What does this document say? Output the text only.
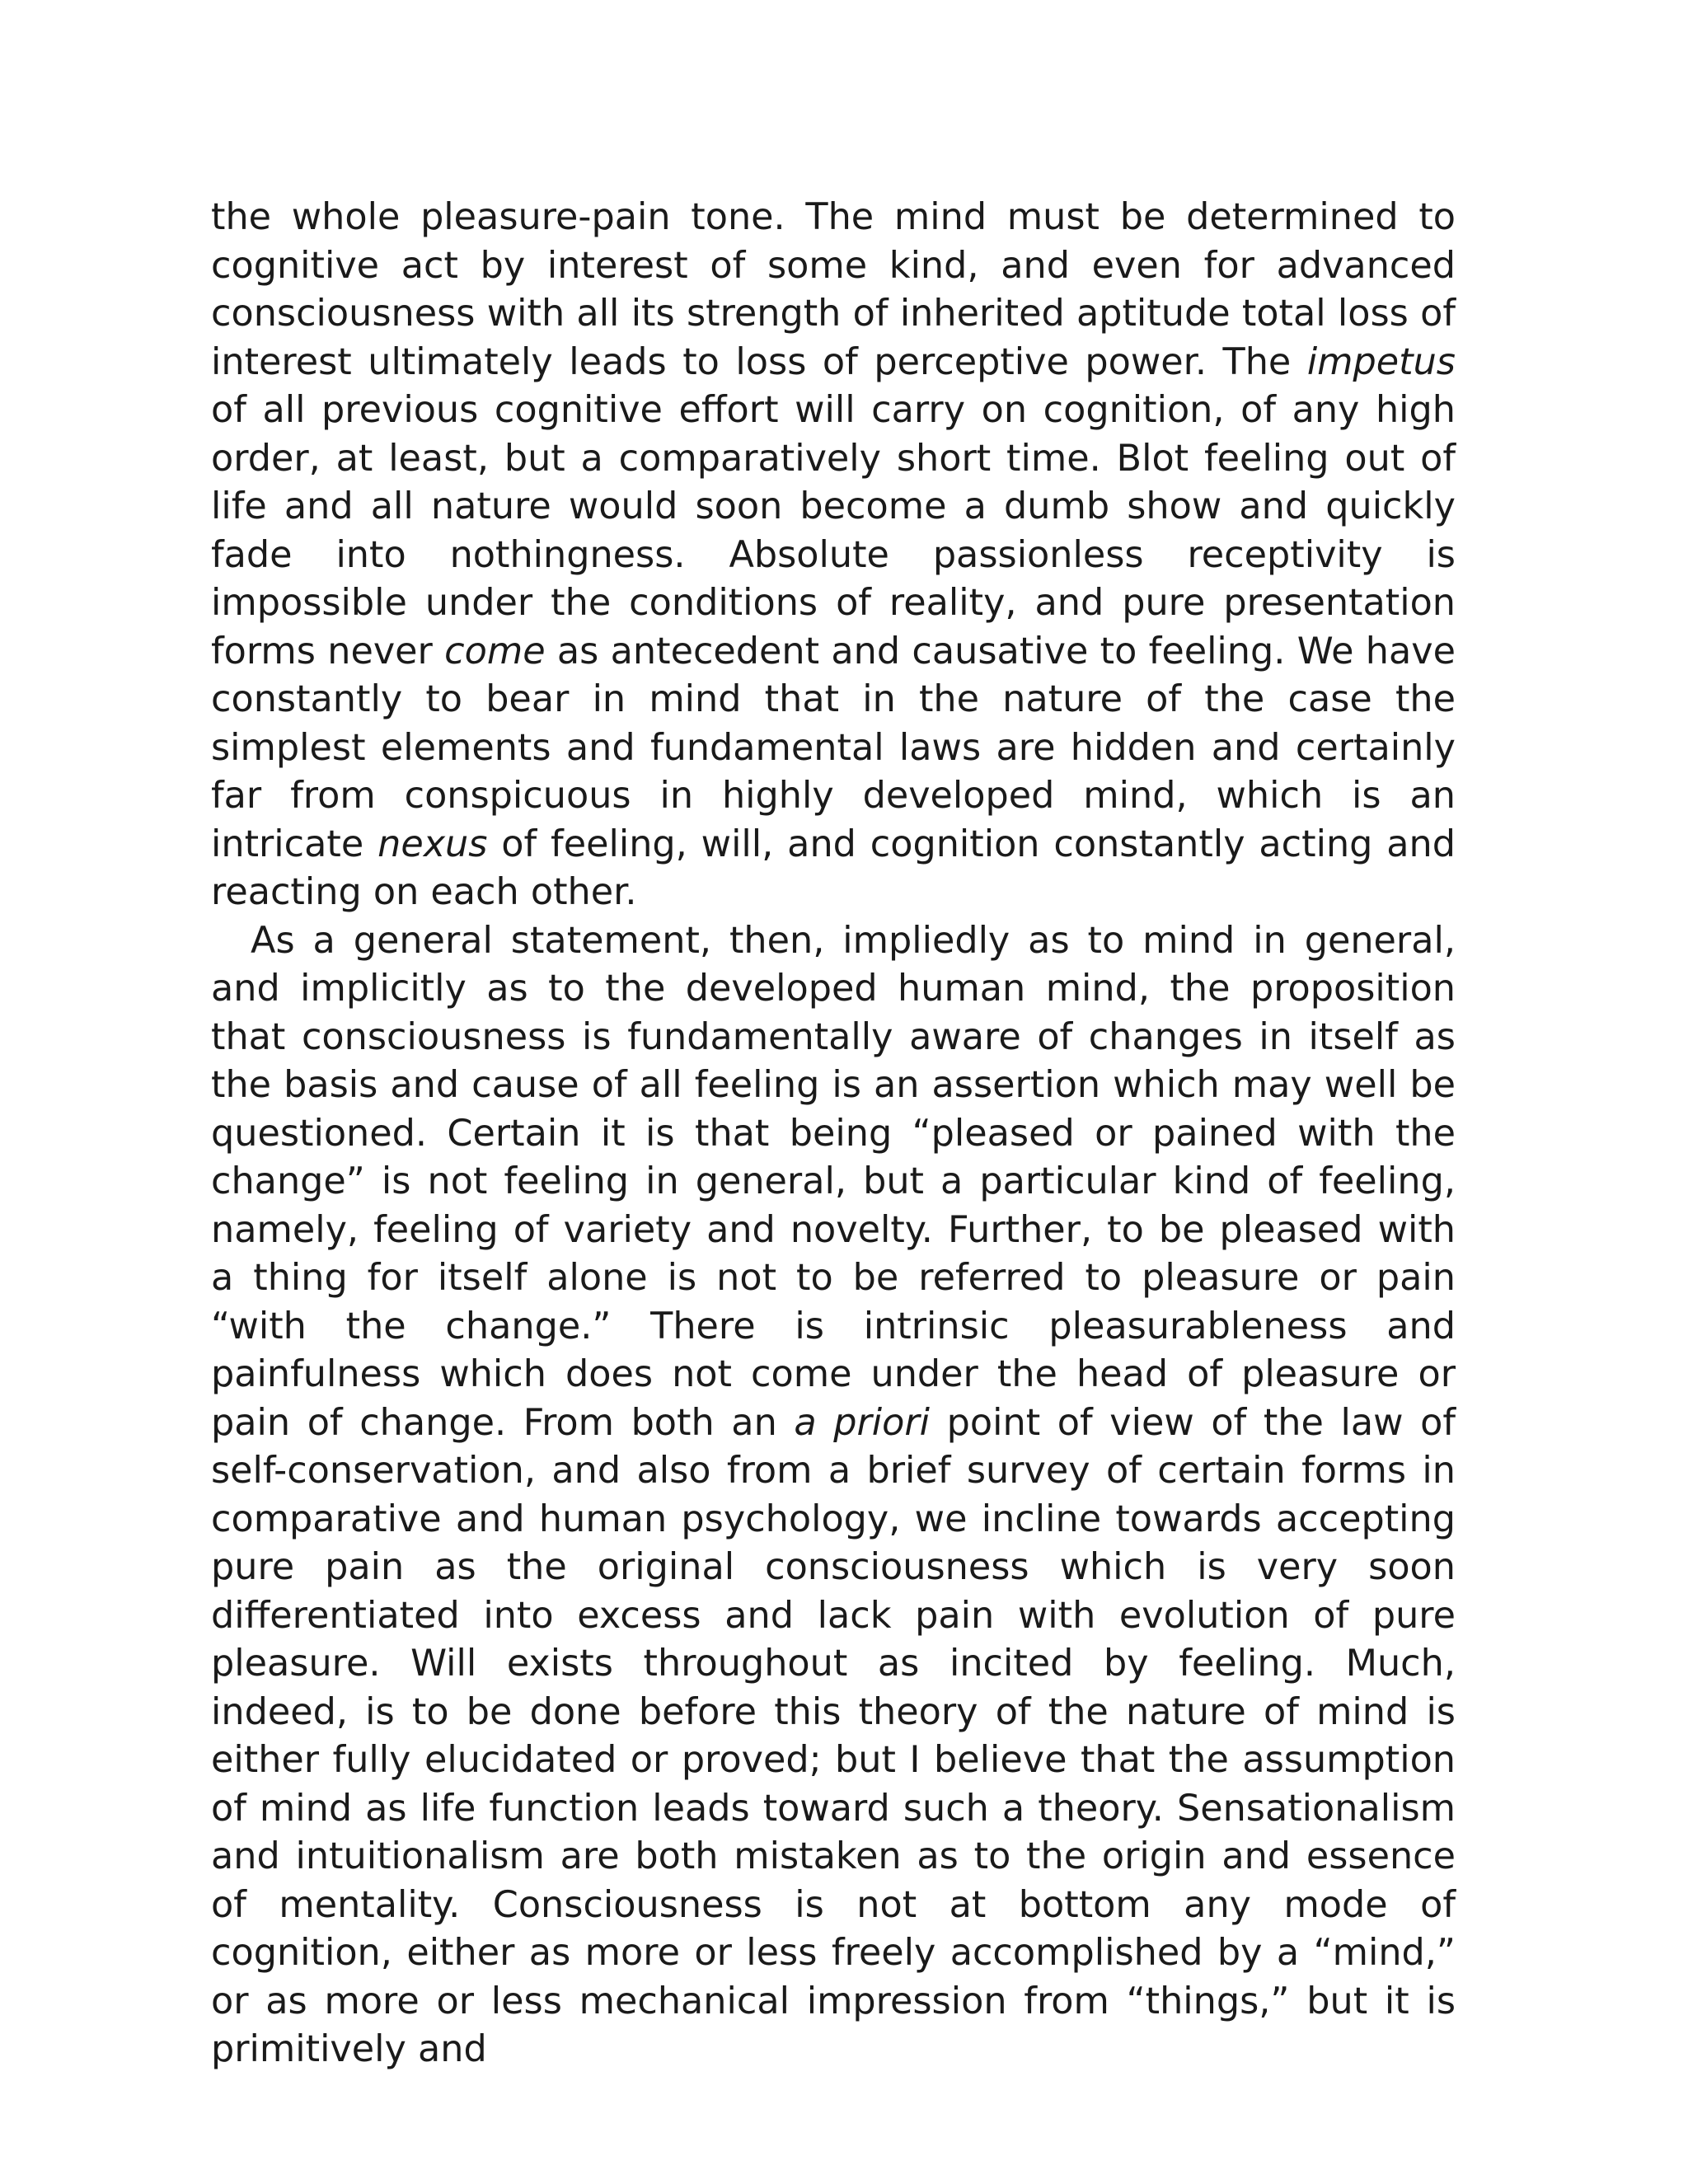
the whole pleasure-pain tone. The mind must be determined to cognitive act by interest of some kind, and even for advanced consciousness with all its strength of inherited aptitude total loss of interest ultimately leads to loss of perceptive power. The impetus of all previous cognitive effort will carry on cognition, of any high order, at least, but a comparatively short time. Blot feeling out of life and all nature would soon become a dumb show and quickly fade into nothingness. Absolute passionless receptivity is impossible under the conditions of reality, and pure presentation forms never come as antecedent and causative to feeling. We have constantly to bear in mind that in the nature of the case the simplest elements and fundamental laws are hidden and certainly far from conspicuous in highly developed mind, which is an intricate nexus of feeling, will, and cognition constantly acting and reacting on each other.

As a general statement, then, impliedly as to mind in general, and implicitly as to the developed human mind, the proposition that consciousness is fundamentally aware of changes in itself as the basis and cause of all feeling is an assertion which may well be questioned. Certain it is that being “pleased or pained with the change” is not feeling in general, but a particular kind of feeling, namely, feeling of variety and novelty. Further, to be pleased with a thing for itself alone is not to be referred to pleasure or pain “with the change.” There is intrinsic pleasurableness and painfulness which does not come under the head of pleasure or pain of change. From both an a priori point of view of the law of self-conservation, and also from a brief survey of certain forms in comparative and human psychology, we incline towards accepting pure pain as the original consciousness which is very soon differentiated into excess and lack pain with evolution of pure pleasure. Will exists throughout as incited by feeling. Much, indeed, is to be done before this theory of the nature of mind is either fully elucidated or proved; but I believe that the assumption of mind as life function leads toward such a theory. Sensationalism and intuitionalism are both mistaken as to the origin and essence of mentality. Consciousness is not at bottom any mode of cognition, either as more or less freely accomplished by a “mind,” or as more or less mechanical impression from “things,” but it is primitively and
